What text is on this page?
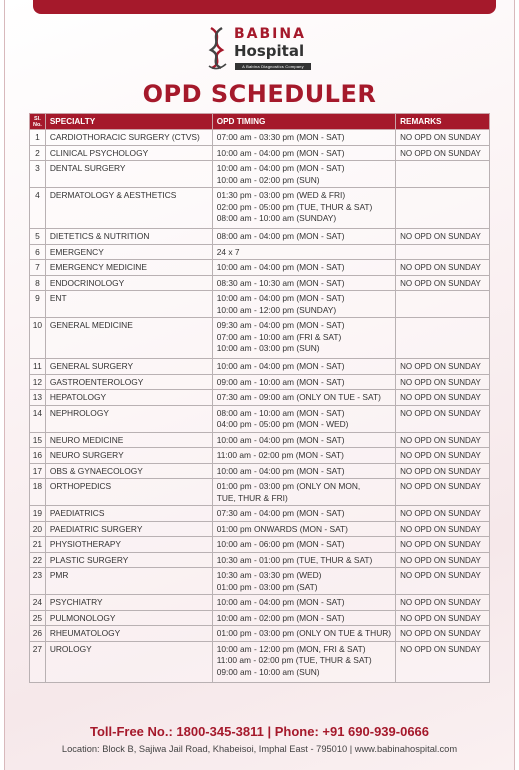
BABINA
Hospital
A Babina Diagnostics Company
OPD SCHEDULER
Sl. No.	SPECIALTY	OPD TIMING	REMARKS
1	CARDIOTHORACIC SURGERY (CTVS)	07:00 am - 03:30 pm (MON - SAT)	NO OPD ON SUNDAY
2	CLINICAL PSYCHOLOGY	10:00 am - 04:00 pm (MON - SAT)	NO OPD ON SUNDAY
3	DENTAL SURGERY	10:00 am - 04:00 pm (MON - SAT)
10:00 am - 02:00 pm (SUN)	

4	DERMATOLOGY & AESTHETICS	01:30 pm - 03:00 pm (WED & FRI)
02:00 pm - 05:00 pm (TUE, THUR & SAT)
08:00 am - 10:00 am (SUNDAY)	

5	DIETETICS & NUTRITION	08:00 am - 04:00 pm (MON - SAT)	NO OPD ON SUNDAY
6	EMERGENCY	24 x 7	

7	EMERGENCY MEDICINE	10:00 am - 04:00 pm (MON - SAT)	NO OPD ON SUNDAY
8	ENDOCRINOLOGY	08:30 am - 10:30 am (MON - SAT)	NO OPD ON SUNDAY
9	ENT	10:00 am - 04:00 pm (MON - SAT)
10:00 am - 12:00 pm (SUNDAY)	

10	GENERAL MEDICINE	09:30 am - 04:00 pm (MON - SAT)
07:00 am - 10:00 am (FRI & SAT)
10:00 am - 03:00 pm (SUN)	

11	GENERAL SURGERY	10:00 am - 04:00 pm (MON - SAT)	NO OPD ON SUNDAY
12	GASTROENTEROLOGY	09:00 am - 10:00 am (MON - SAT)	NO OPD ON SUNDAY
13	HEPATOLOGY	07:30 am - 09:00 am (ONLY ON TUE - SAT)	NO OPD ON SUNDAY
14	NEPHROLOGY	08:00 am - 10:00 am (MON - SAT)
04:00 pm - 05:00 pm (MON - WED)	NO OPD ON SUNDAY
15	NEURO MEDICINE	10:00 am - 04:00 pm (MON - SAT)	NO OPD ON SUNDAY
16	NEURO SURGERY	11:00 am - 02:00 pm (MON - SAT)	NO OPD ON SUNDAY
17	OBS & GYNAECOLOGY	10:00 am - 04:00 pm (MON - SAT)	NO OPD ON SUNDAY
18	ORTHOPEDICS	01:00 pm - 03:00 pm (ONLY ON MON,
TUE, THUR & FRI)	NO OPD ON SUNDAY
19	PAEDIATRICS	07:30 am - 04:00 pm (MON - SAT)	NO OPD ON SUNDAY
20	PAEDIATRIC SURGERY	01:00 pm ONWARDS (MON - SAT)	NO OPD ON SUNDAY
21	PHYSIOTHERAPY	10:00 am - 06:00 pm (MON - SAT)	NO OPD ON SUNDAY
22	PLASTIC SURGERY	10:30 am - 01:00 pm (TUE, THUR & SAT)	NO OPD ON SUNDAY
23	PMR	10:30 am - 03:30 pm (WED)
01:00 pm - 03:00 pm (SAT)	NO OPD ON SUNDAY
24	PSYCHIATRY	10:00 am - 04:00 pm (MON - SAT)	NO OPD ON SUNDAY
25	PULMONOLOGY	10:00 am - 02:00 pm (MON - SAT)	NO OPD ON SUNDAY
26	RHEUMATOLOGY	01:00 pm - 03:00 pm (ONLY ON TUE & THUR)	NO OPD ON SUNDAY
27	UROLOGY	10:00 am - 12:00 pm (MON, FRI & SAT)
11:00 am - 02:00 pm (TUE, THUR & SAT)
09:00 am - 10:00 am (SUN)	NO OPD ON SUNDAY
Toll-Free No.: 1800-345-3811 | Phone: +91 690-939-0666
Location: Block B, Sajiwa Jail Road, Khabeisoi, Imphal East - 795010 | www.babinahospital.com
